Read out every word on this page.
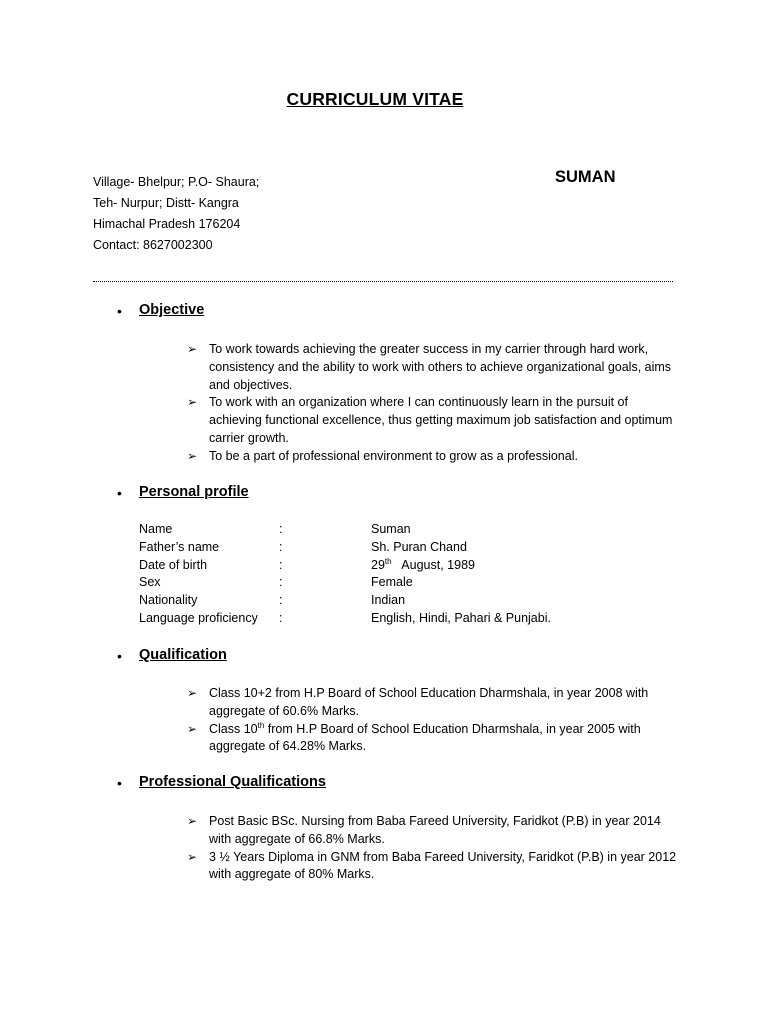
CURRICULUM VITAE
Village- Bhelpur; P.O- Shaura;
Teh- Nurpur; Distt- Kangra
Himachal Pradesh 176204
Contact: 8627002300
SUMAN
• Objective
➢ To work towards achieving the greater success in my carrier through hard work, consistency and the ability to work with others to achieve organizational goals, aims and objectives.
➢ To work with an organization where I can continuously learn in the pursuit of achieving functional excellence, thus getting maximum job satisfaction and optimum carrier growth.
➢ To be a part of professional environment to grow as a professional.
• Personal profile
Name	:	Suman
Father’s name	:	Sh. Puran Chand
Date of birth	:	29th   August, 1989
Sex	:	Female
Nationality	:	Indian
Language proficiency	:	English, Hindi, Pahari & Punjabi.
• Qualification
➢ Class 10+2 from H.P Board of School Education Dharmshala, in year 2008 with aggregate of 60.6% Marks.
➢ Class 10th from H.P Board of School Education Dharmshala, in year 2005 with aggregate of 64.28% Marks.
• Professional Qualifications
➢ Post Basic BSc. Nursing from Baba Fareed University, Faridkot (P.B) in year 2014 with aggregate of 66.8% Marks.
➢ 3 ½ Years Diploma in GNM from Baba Fareed University, Faridkot (P.B) in year 2012 with aggregate of 80% Marks.
